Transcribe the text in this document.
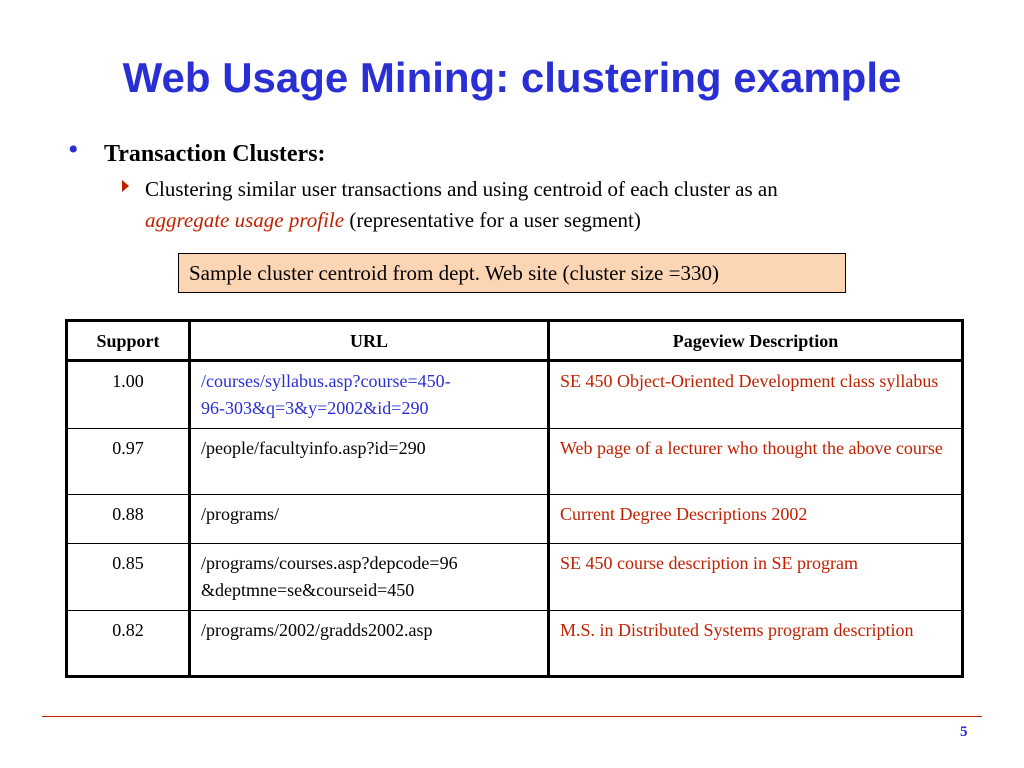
Web Usage Mining: clustering example
• Transaction Clusters:
Clustering similar user transactions and using centroid of each cluster as an
aggregate usage profile (representative for a user segment)
Sample cluster centroid from dept. Web site (cluster size =330)
Support	URL	Pageview Description
1.00	/courses/syllabus.asp?course=450-
96-303&q=3&y=2002&id=290	SE 450 Object-Oriented Development class syllabus
0.97	/people/facultyinfo.asp?id=290	Web page of a lecturer who thought the above course
0.88	/programs/	Current Degree Descriptions 2002
0.85	/programs/courses.asp?depcode=96
&deptmne=se&courseid=450	SE 450 course description in SE program
0.82	/programs/2002/gradds2002.asp	M.S. in Distributed Systems program description
5
